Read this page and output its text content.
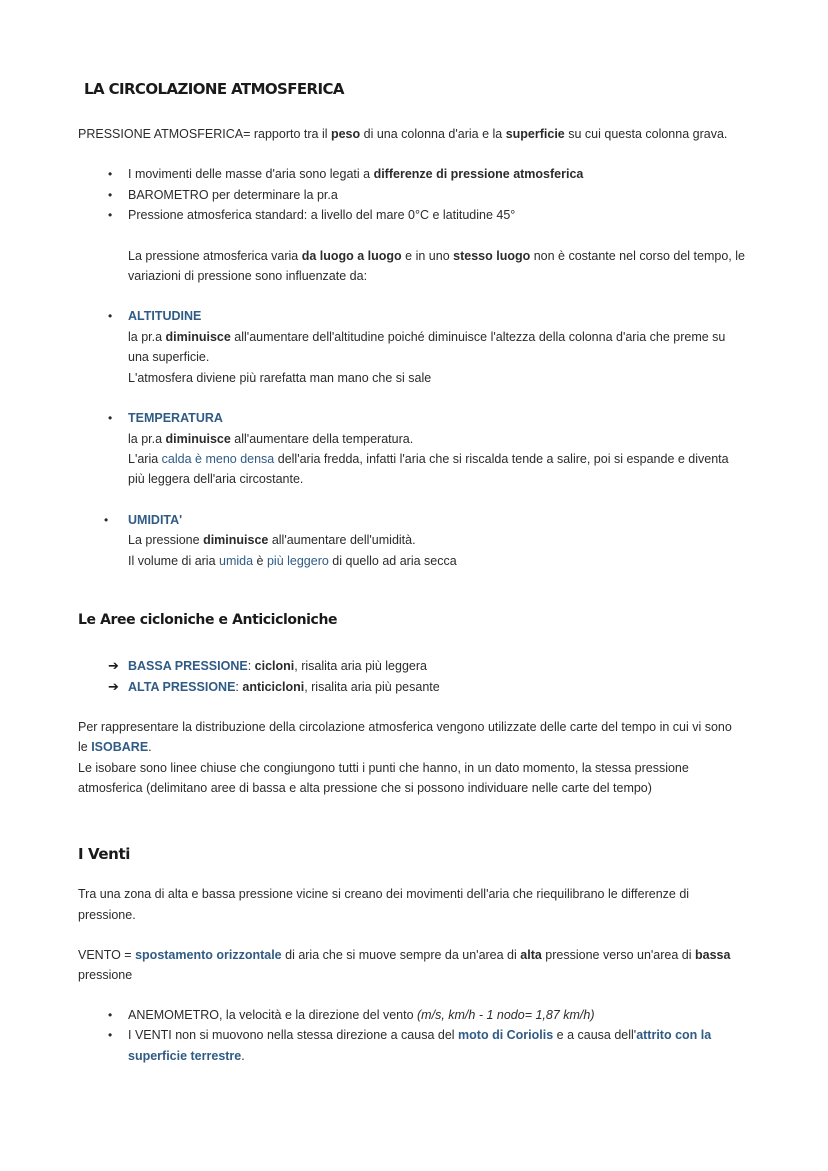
LA CIRCOLAZIONE ATMOSFERICA
PRESSIONE ATMOSFERICA= rapporto tra il peso di una colonna d'aria e la superficie su cui questa colonna grava.
• I movimenti delle masse d'aria sono legati a differenze di pressione atmosferica
• BAROMETRO per determinare la pr.a
• Pressione atmosferica standard: a livello del mare 0°C e latitudine 45°
La pressione atmosferica varia da luogo a luogo e in uno stesso luogo non è costante nel corso del tempo, le
variazioni di pressione sono influenzate da:
• ALTITUDINE
la pr.a diminuisce all'aumentare dell'altitudine poiché diminuisce l'altezza della colonna d'aria che preme su
una superficie.
L'atmosfera diviene più rarefatta man mano che si sale
• TEMPERATURA
la pr.a diminuisce all'aumentare della temperatura.
L'aria calda è meno densa dell'aria fredda, infatti l'aria che si riscalda tende a salire, poi si espande e diventa
più leggera dell'aria circostante.
• UMIDITA'
La pressione diminuisce all'aumentare dell'umidità.
Il volume di aria umida è più leggero di quello ad aria secca
Le Aree cicloniche e Anticicloniche
➔ BASSA PRESSIONE: cicloni, risalita aria più leggera
➔ ALTA PRESSIONE: anticicloni, risalita aria più pesante
Per rappresentare la distribuzione della circolazione atmosferica vengono utilizzate delle carte del tempo in cui vi sono
le ISOBARE.
Le isobare sono linee chiuse che congiungono tutti i punti che hanno, in un dato momento, la stessa pressione
atmosferica (delimitano aree di bassa e alta pressione che si possono individuare nelle carte del tempo)
I Venti
Tra una zona di alta e bassa pressione vicine si creano dei movimenti dell'aria che riequilibrano le differenze di
pressione.
VENTO = spostamento orizzontale di aria che si muove sempre da un'area di alta pressione verso un'area di bassa
pressione
• ANEMOMETRO, la velocità e la direzione del vento (m/s, km/h - 1 nodo= 1,87 km/h)
• I VENTI non si muovono nella stessa direzione a causa del moto di Coriolis e a causa dell'attrito con la
superficie terrestre.
